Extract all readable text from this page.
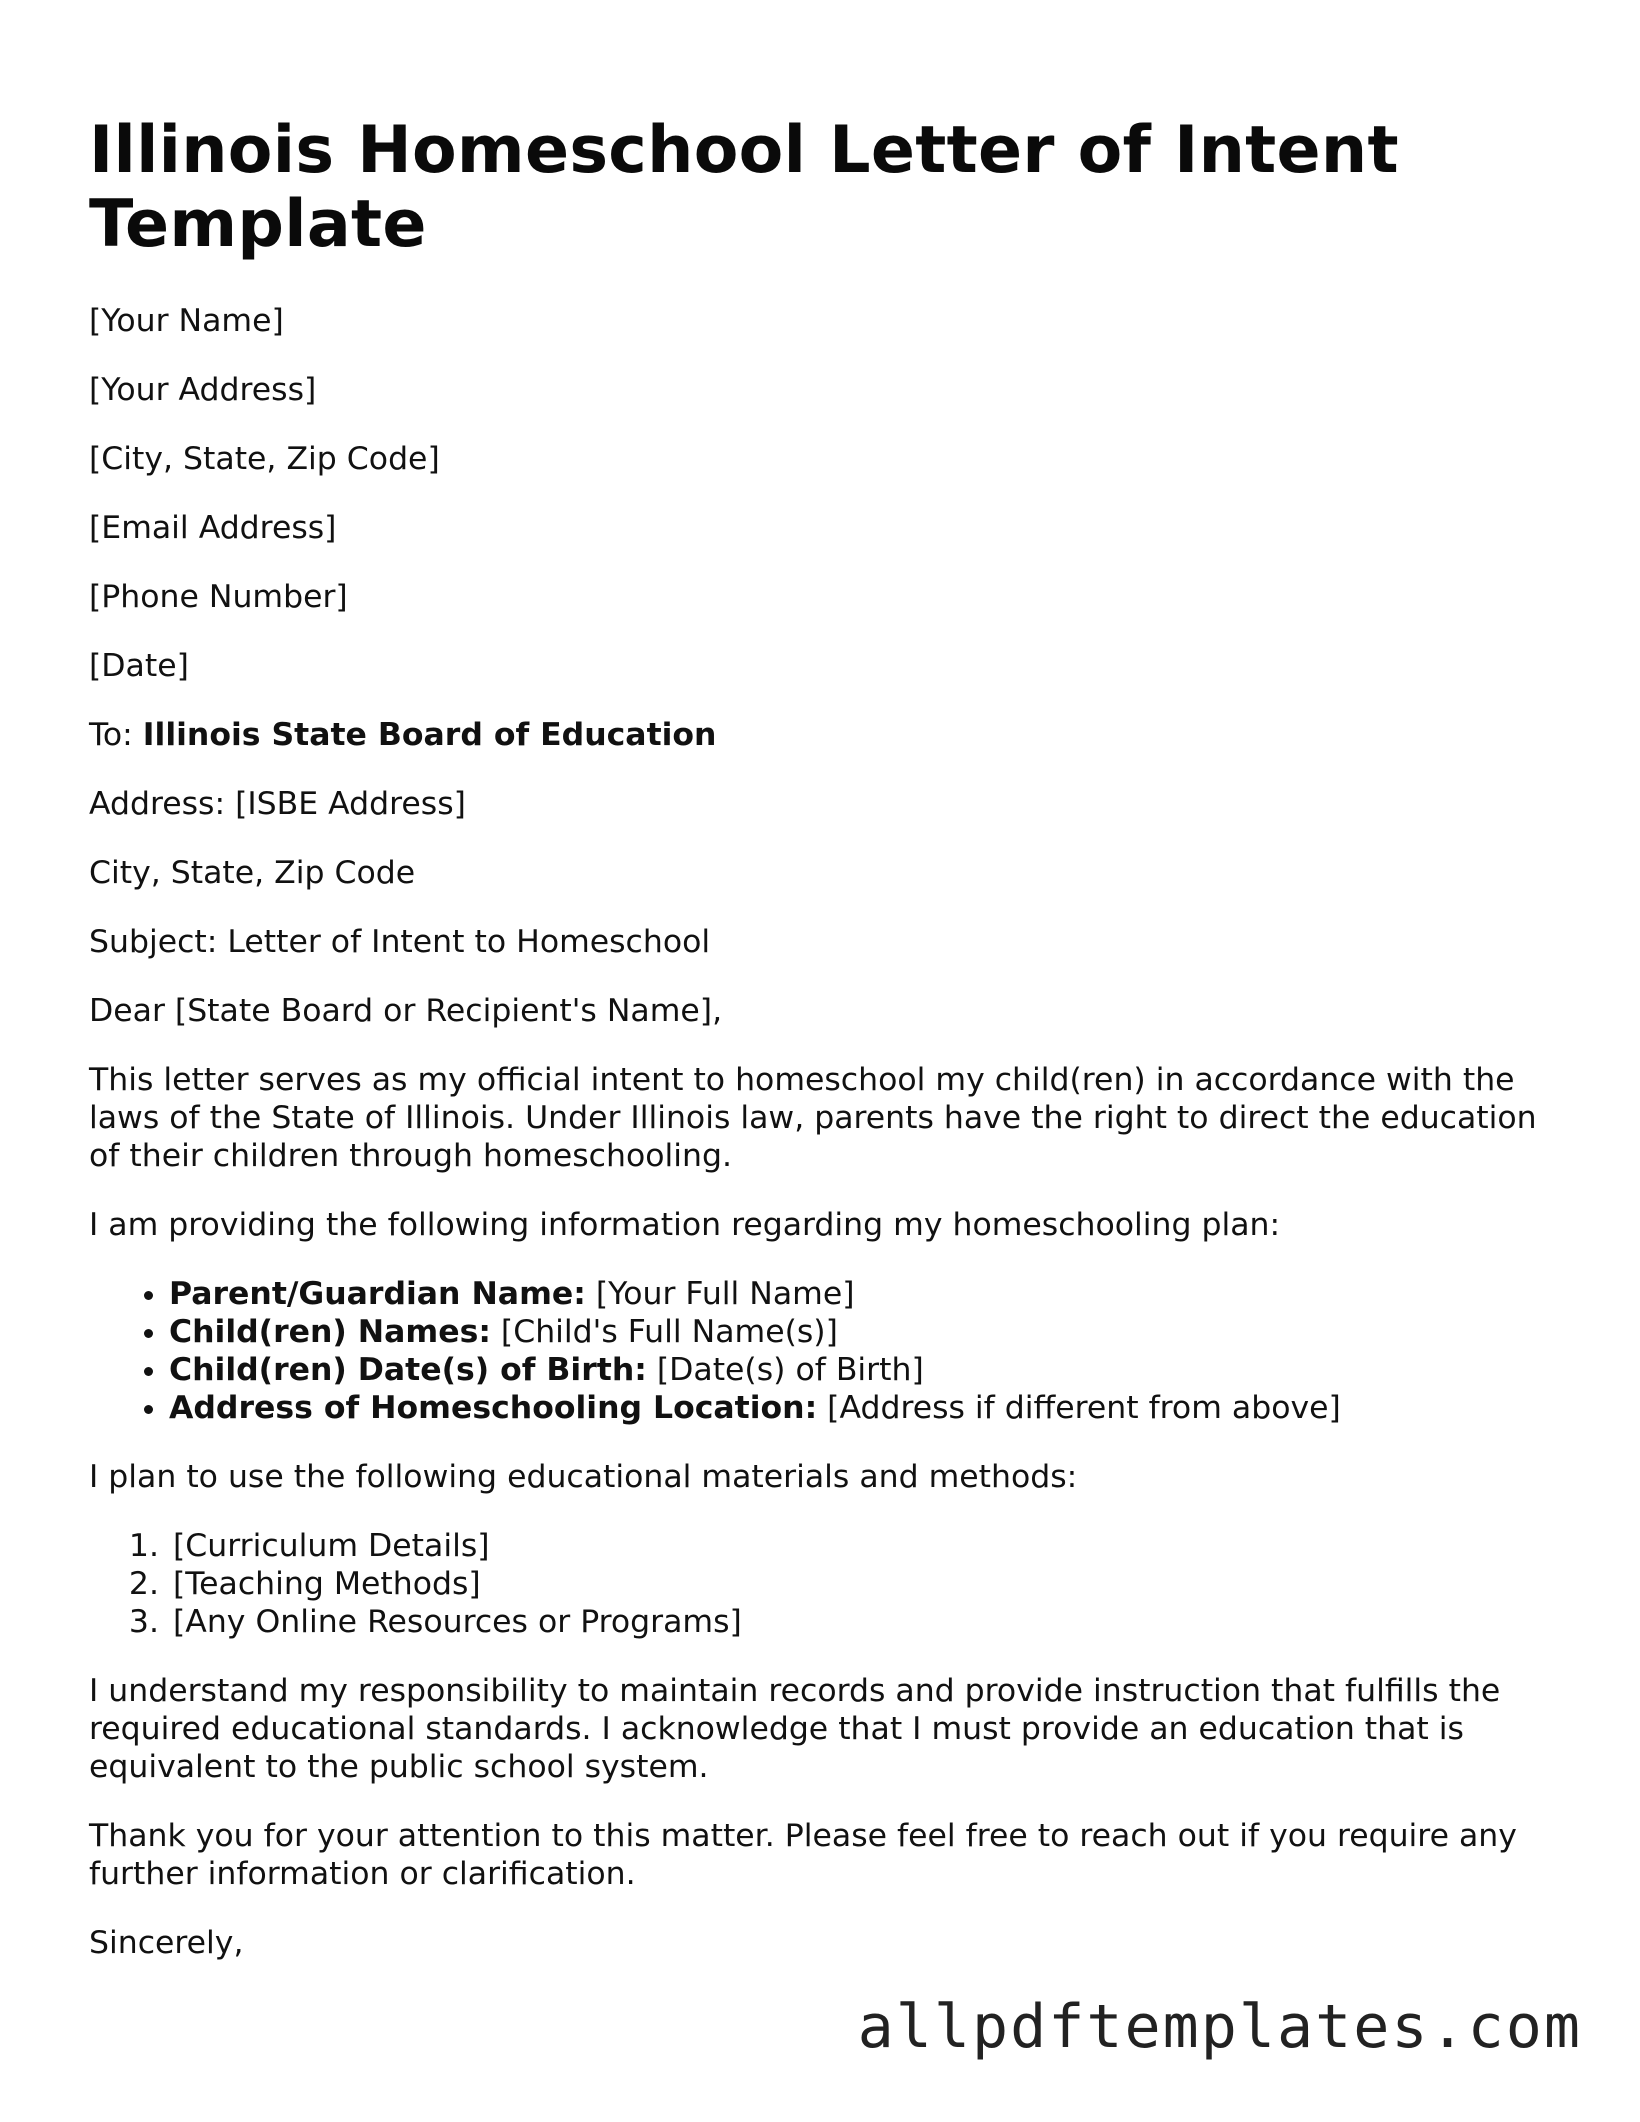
Illinois Homeschool Letter of Intent Template

[Your Name]

[Your Address]

[City, State, Zip Code]

[Email Address]

[Phone Number]

[Date]

To: Illinois State Board of Education

Address: [ISBE Address]

City, State, Zip Code

Subject: Letter of Intent to Homeschool

Dear [State Board or Recipient's Name],

This letter serves as my official intent to homeschool my child(ren) in accordance with the laws of the State of Illinois. Under Illinois law, parents have the right to direct the education of their children through homeschooling.

I am providing the following information regarding my homeschooling plan:

• Parent/Guardian Name: [Your Full Name]
• Child(ren) Names: [Child's Full Name(s)]
• Child(ren) Date(s) of Birth: [Date(s) of Birth]
• Address of Homeschooling Location: [Address if different from above]

I plan to use the following educational materials and methods:

1. [Curriculum Details]
2. [Teaching Methods]
3. [Any Online Resources or Programs]

I understand my responsibility to maintain records and provide instruction that fulfills the required educational standards. I acknowledge that I must provide an education that is equivalent to the public school system.

Thank you for your attention to this matter. Please feel free to reach out if you require any further information or clarification.

Sincerely,

allpdftemplates.com
